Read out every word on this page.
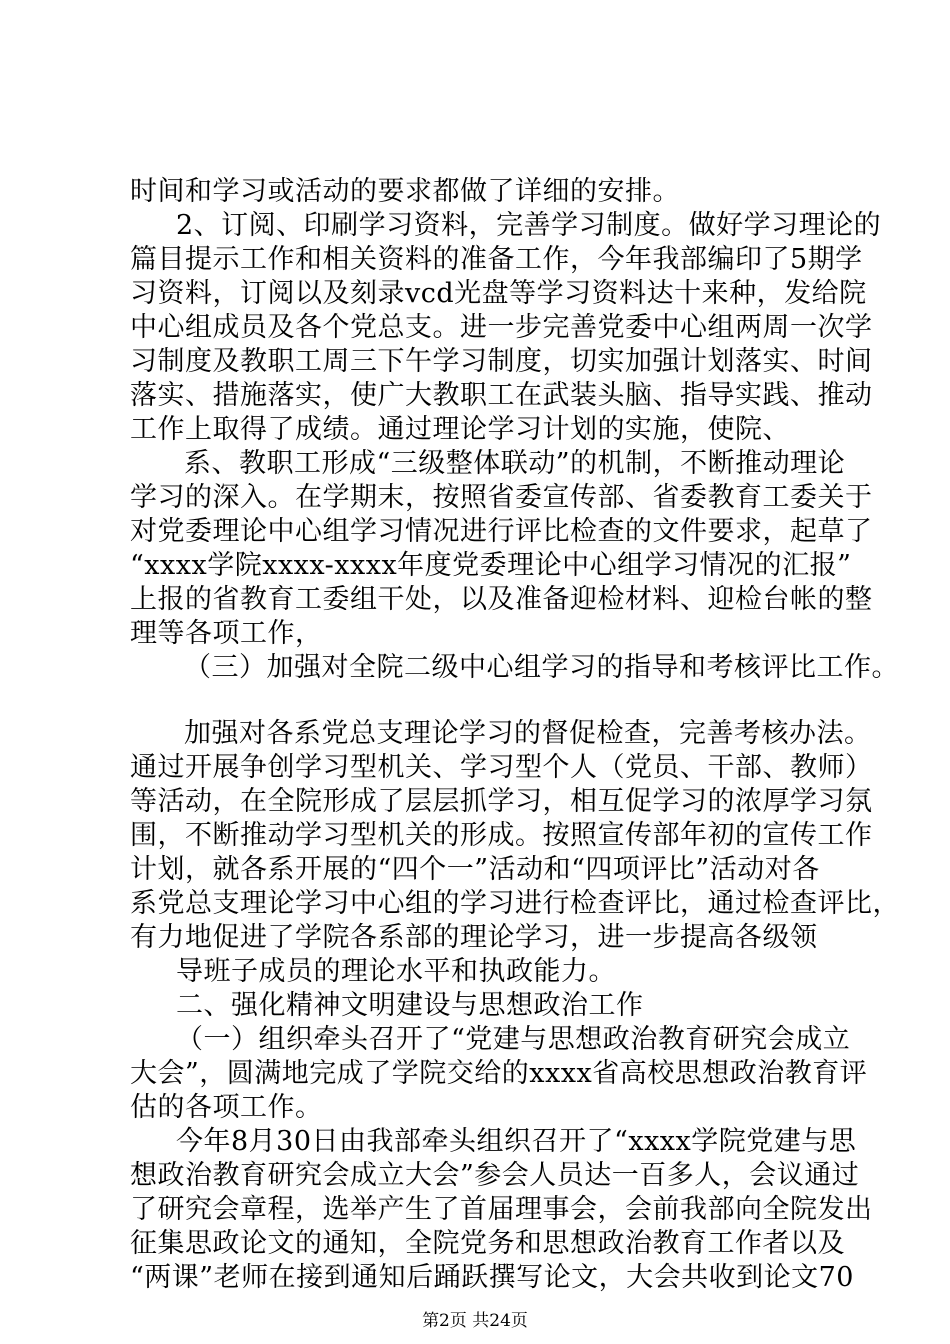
时间和学习或活动的要求都做了详细的安排。
2、订阅、印刷学习资料，完善学习制度。做好学习理论的
篇目提示工作和相关资料的准备工作，今年我部编印了5期学
习资料，订阅以及刻录vcd光盘等学习资料达十来种，发给院
中心组成员及各个党总支。进一步完善党委中心组两周一次学
习制度及教职工周三下午学习制度，切实加强计划落实、时间
落实、措施落实，使广大教职工在武装头脑、指导实践、推动
工作上取得了成绩。通过理论学习计划的实施，使院、
系、教职工形成“三级整体联动”的机制，不断推动理论
学习的深入。在学期末，按照省委宣传部、省委教育工委关于
对党委理论中心组学习情况进行评比检查的文件要求，起草了
“xxxx学院xxxx-xxxx年度党委理论中心组学习情况的汇报”
上报的省教育工委组干处，以及准备迎检材料、迎检台帐的整
理等各项工作，
（三）加强对全院二级中心组学习的指导和考核评比工作。
加强对各系党总支理论学习的督促检查，完善考核办法。
通过开展争创学习型机关、学习型个人（党员、干部、教师）
等活动，在全院形成了层层抓学习，相互促学习的浓厚学习氛
围，不断推动学习型机关的形成。按照宣传部年初的宣传工作
计划，就各系开展的“四个一”活动和“四项评比”活动对各
系党总支理论学习中心组的学习进行检查评比，通过检查评比，
有力地促进了学院各系部的理论学习，进一步提高各级领
导班子成员的理论水平和执政能力。
二、强化精神文明建设与思想政治工作
（一）组织牵头召开了“党建与思想政治教育研究会成立
大会”，圆满地完成了学院交给的xxxx省高校思想政治教育评
估的各项工作。
今年8月30日由我部牵头组织召开了“xxxx学院党建与思
想政治教育研究会成立大会”参会人员达一百多人，会议通过
了研究会章程，选举产生了首届理事会，会前我部向全院发出
征集思政论文的通知，全院党务和思想政治教育工作者以及
“两课”老师在接到通知后踊跃撰写论文，大会共收到论文70
第2页 共24页
